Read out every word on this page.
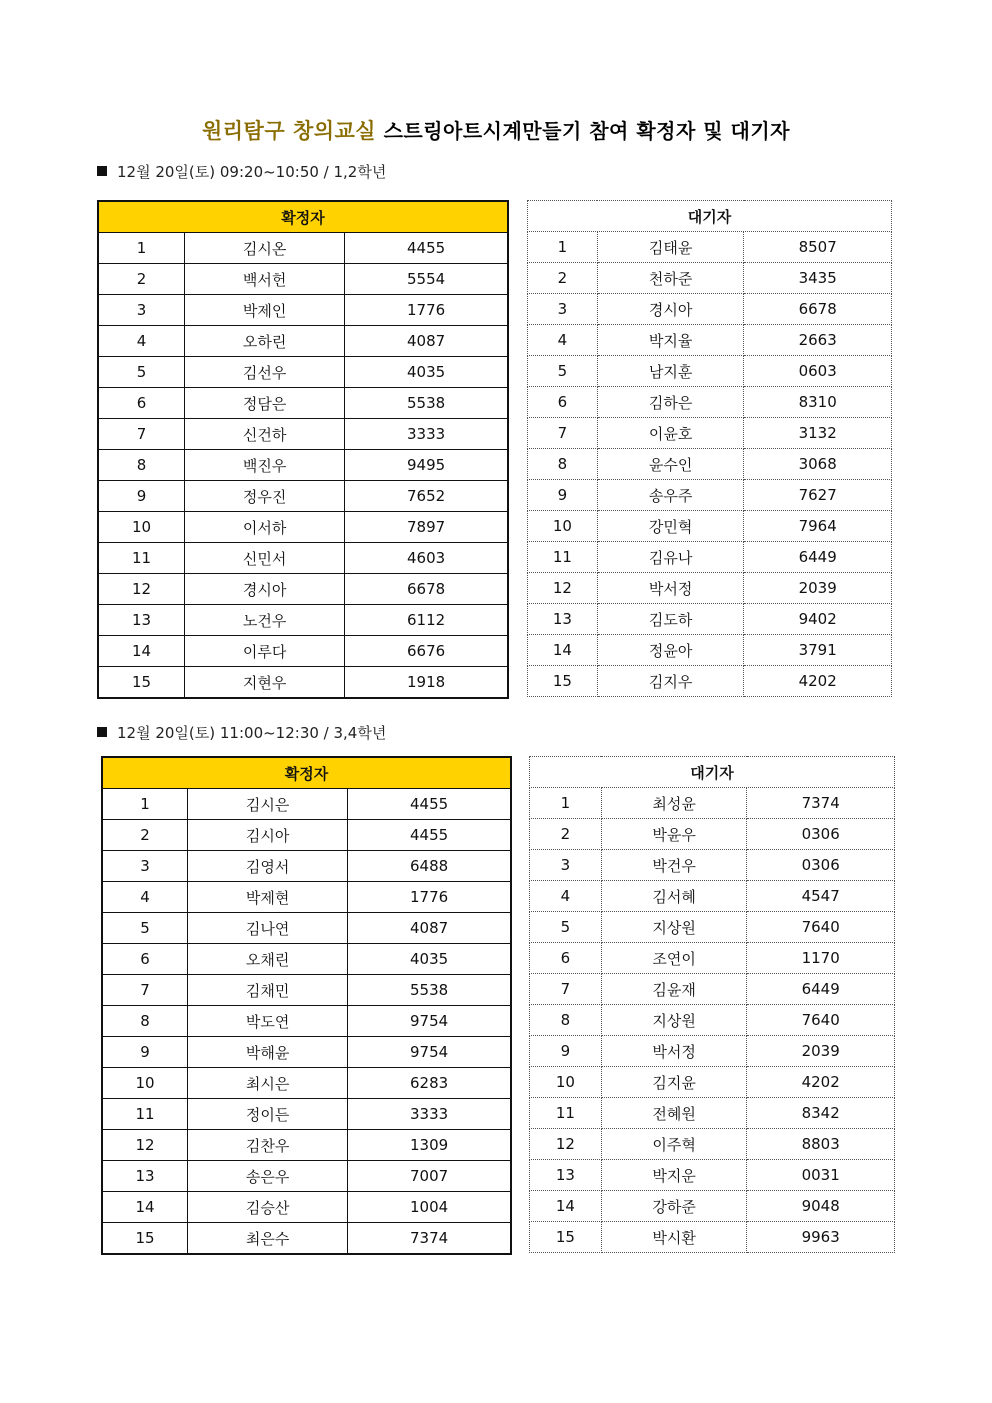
원리탐구 창의교실 스트링아트시계만들기 참여 확정자 및 대기자
12월 20일(토) 09:20~10:50 / 1,2학년
확정자		
1	김시온	4455
2	백서헌	5554
3	박제인	1776
4	오하린	4087
5	김선우	4035
6	정담은	5538
7	신건하	3333
8	백진우	9495
9	정우진	7652
10	이서하	7897
11	신민서	4603
12	경시아	6678
13	노건우	6112
14	이루다	6676
15	지현우	1918
대기자		
1	김태윤	8507
2	천하준	3435
3	경시아	6678
4	박지율	2663
5	남지훈	0603
6	김하은	8310
7	이윤호	3132
8	윤수인	3068
9	송우주	7627
10	강민혁	7964
11	김유나	6449
12	박서정	2039
13	김도하	9402
14	정윤아	3791
15	김지우	4202
12월 20일(토) 11:00~12:30 / 3,4학년
확정자		
1	김시은	4455
2	김시아	4455
3	김영서	6488
4	박제현	1776
5	김나연	4087
6	오채린	4035
7	김채민	5538
8	박도연	9754
9	박해윤	9754
10	최시은	6283
11	정이든	3333
12	김찬우	1309
13	송은우	7007
14	김승산	1004
15	최은수	7374
대기자		
1	최성윤	7374
2	박윤우	0306
3	박건우	0306
4	김서혜	4547
5	지상원	7640
6	조연이	1170
7	김윤재	6449
8	지상원	7640
9	박서정	2039
10	김지윤	4202
11	전혜원	8342
12	이주혁	8803
13	박지운	0031
14	강하준	9048
15	박시환	9963
